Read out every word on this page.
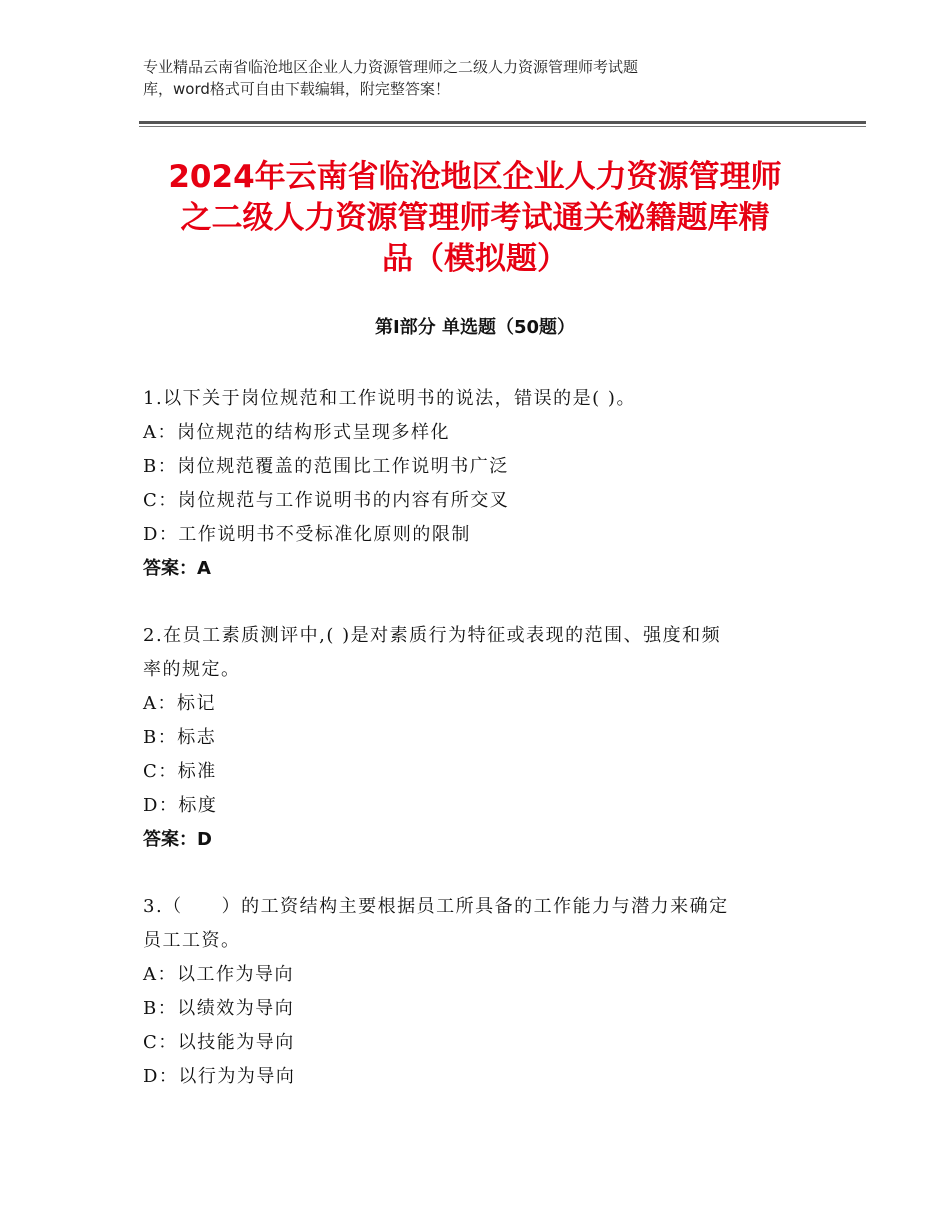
专业精品云南省临沧地区企业人力资源管理师之二级人力资源管理师考试题
库，word格式可自由下载编辑，附完整答案！
2024年云南省临沧地区企业人力资源管理师
之二级人力资源管理师考试通关秘籍题库精
品（模拟题）
第Ⅰ部分 单选题（50题）
1.以下关于岗位规范和工作说明书的说法，错误的是( )。
A：岗位规范的结构形式呈现多样化
B：岗位规范覆盖的范围比工作说明书广泛
C：岗位规范与工作说明书的内容有所交叉
D：工作说明书不受标准化原则的限制
答案：A
2.在员工素质测评中,( )是对素质行为特征或表现的范围、强度和频
率的规定。
A：标记
B：标志
C：标准
D：标度
答案：D
3.（　　）的工资结构主要根据员工所具备的工作能力与潜力来确定
员工工资。
A：以工作为导向
B：以绩效为导向
C：以技能为导向
D：以行为为导向
